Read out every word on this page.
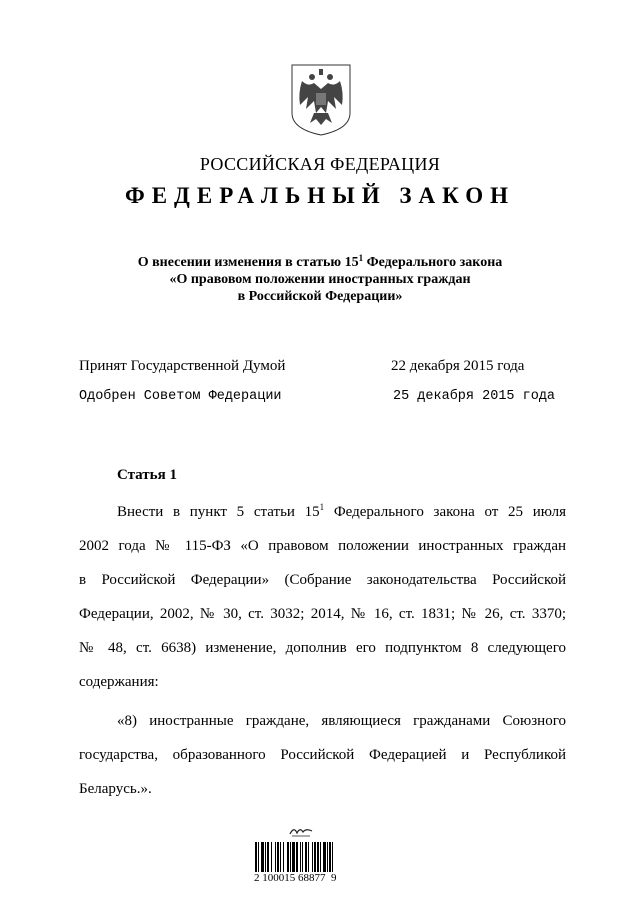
РОССИЙСКАЯ ФЕДЕРАЦИЯ
ФЕДЕРАЛЬНЫЙ ЗАКОН
О внесении изменения в статью $15^1$ Федерального закона
«О правовом положении иностранных граждан
в Российской Федерации»
Принят Государственной Думой	22 декабря 2015 года
Одобрен Советом Федерации	25 декабря 2015 года
Статья 1
Внести в пункт 5 статьи $15^1$ Федерального закона от 25 июля
2002 года № 115-ФЗ «О правовом положении иностранных граждан
в Российской Федерации» (Собрание законодательства Российской
Федерации, 2002, № 30, ст. 3032; 2014, № 16, ст. 1831; № 26, ст. 3370;
№ 48, ст. 6638) изменение, дополнив его подпунктом 8 следующего
содержания:
«8) иностранные граждане, являющиеся гражданами Союзного
государства, образованного Российской Федерацией и Республикой
Беларусь.».
2 100015 68877  9
